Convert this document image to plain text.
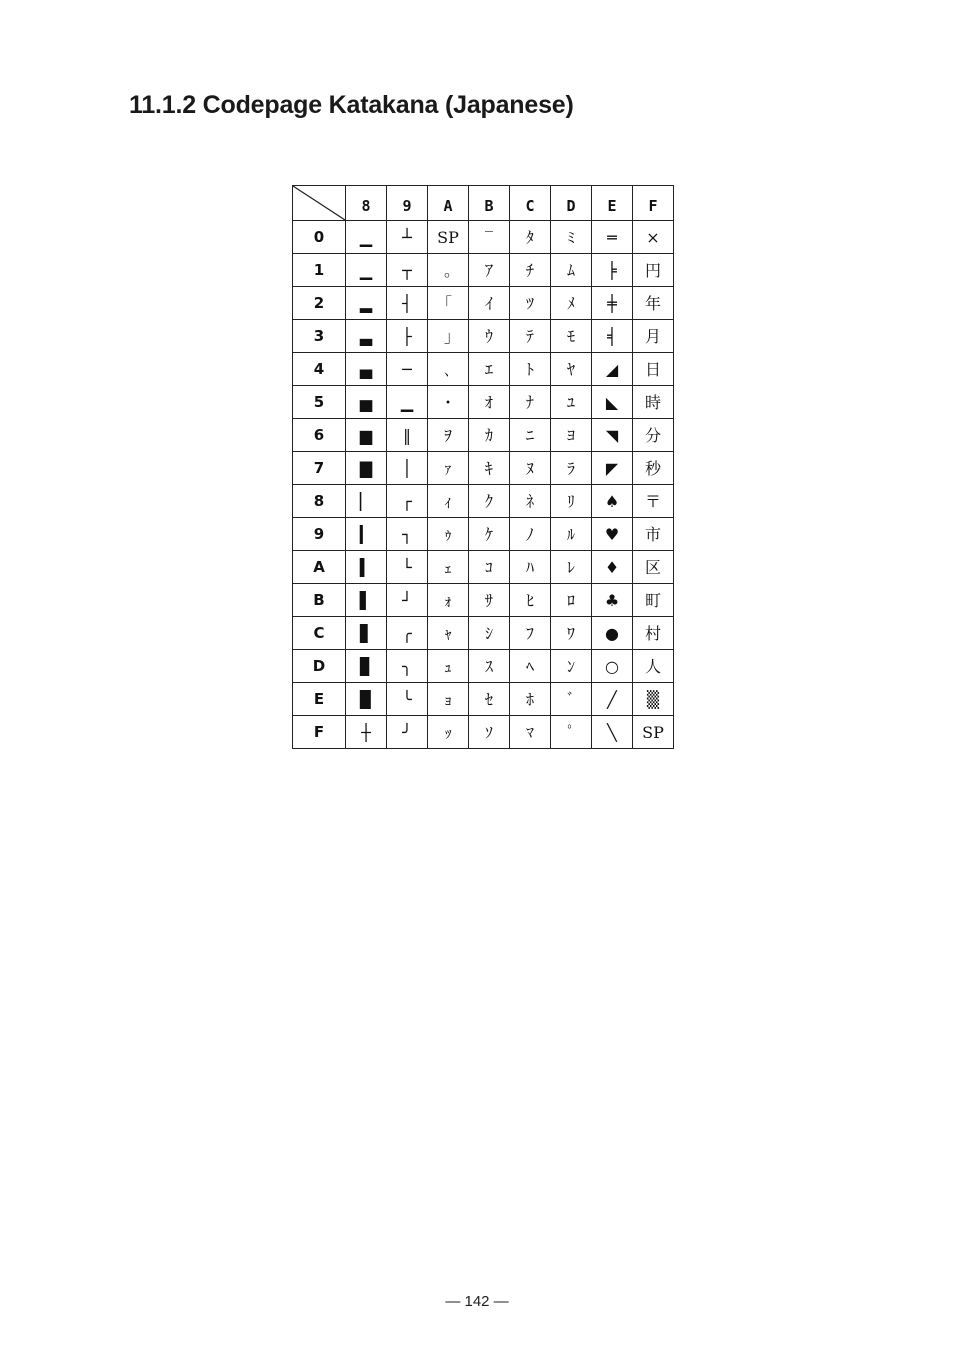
11.1.2 Codepage Katakana (Japanese)
	8	9	A	B	C	D	E	F
0	▁	┴	SP	‾	ﾀ	ﾐ	═	×
1	▁	┬	｡	ｱ	ﾁ	ﾑ	╞	円
2	▂	┤	｢	ｲ	ﾂ	ﾒ	╪	年
3	▃	├	｣	ｳ	ﾃ	ﾓ	╡	月
4	▄	─	､	ｴ	ﾄ	ﾔ	◢	日
5	▅	▁	･	ｵ	ﾅ	ﾕ	◣	時
6	▆	‖	ｦ	ｶ	ﾆ	ﾖ	◥	分
7	▇	│	ｧ	ｷ	ﾇ	ﾗ	◤	秒
8	▏	┌	ｨ	ｸ	ﾈ	ﾘ	♠	〒
9	▎	┐	ｩ	ｹ	ﾉ	ﾙ	♥	市
A	▍	└	ｪ	ｺ	ﾊ	ﾚ	♦	区
B	▌	┘	ｫ	ｻ	ﾋ	ﾛ	♣	町
C	▋	╭	ｬ	ｼ	ﾌ	ﾜ	●	村
D	▊	╮	ｭ	ｽ	ﾍ	ﾝ	○	人
E	▉	╰	ｮ	ｾ	ﾎ	ﾞ	╱	▒
F	┼	╯	ｯ	ｿ	ﾏ	ﾟ	╲	SP
— 142 —
